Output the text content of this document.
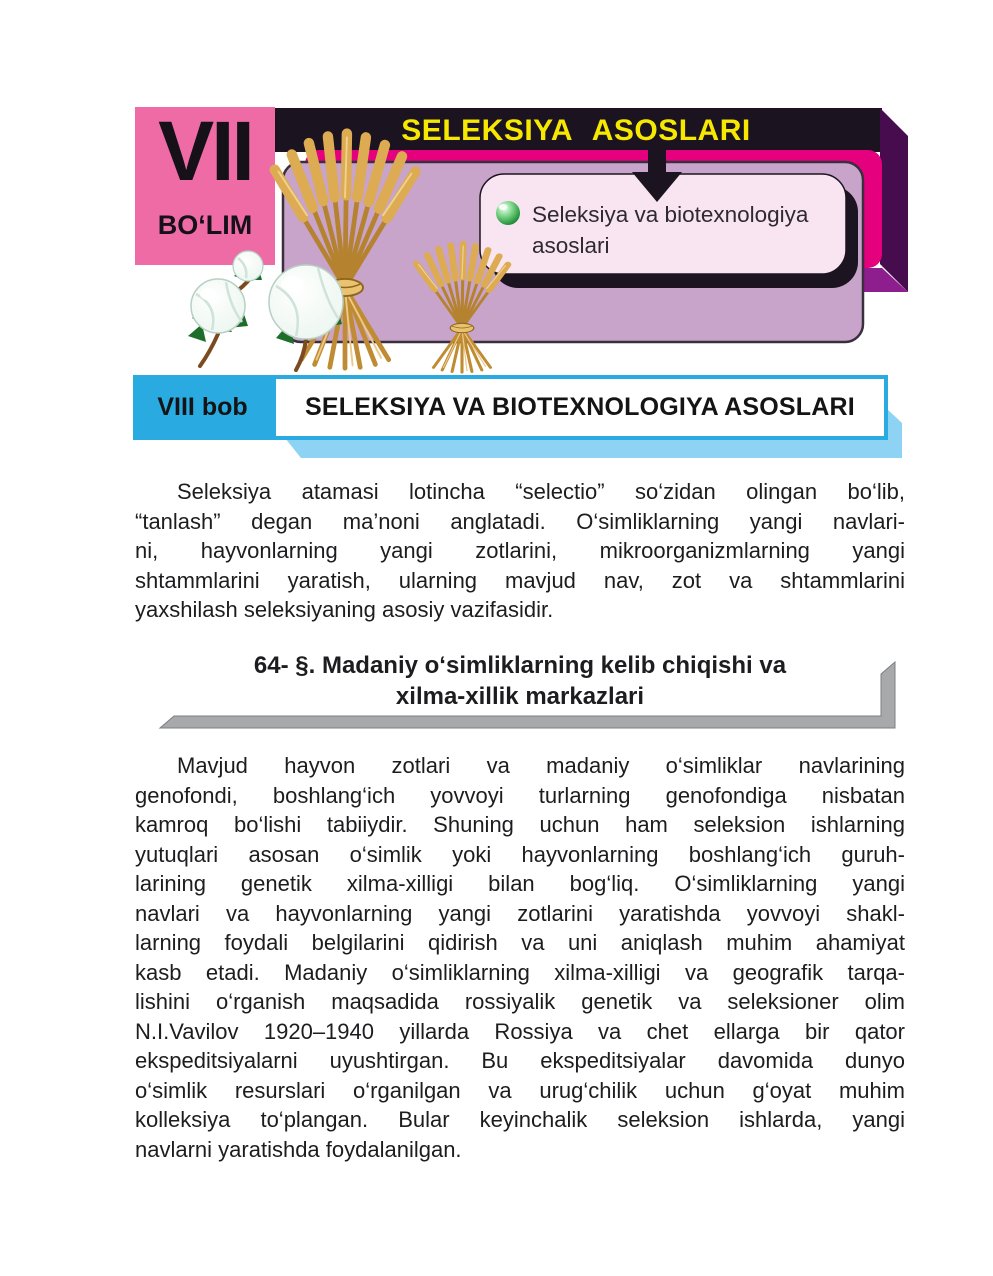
VII
BO‘LIM
SELEKSIYA ASOSLARI
Seleksiya va biotexnologiya
asoslari
VIII bob	SELEKSIYA VA BIOTEXNOLOGIYA ASOSLARI
Seleksiya atamasi lotincha “selectio” so‘zidan olingan bo‘lib,
“tanlash” degan ma’noni anglatadi. O‘simliklarning yangi navlari-
ni, hayvonlarning yangi zotlarini, mikroorganizmlarning yangi
shtammlarini yaratish, ularning mavjud nav, zot va shtammlarini
yaxshilash seleksiyaning asosiy vazifasidir.
64- §. Madaniy o‘simliklarning kelib chiqishi va
xilma-xillik markazlari
Mavjud hayvon zotlari va madaniy o‘simliklar navlarining
genofondi, boshlang‘ich yovvoyi turlarning genofondiga nisbatan
kamroq bo‘lishi tabiiydir. Shuning uchun ham seleksion ishlarning
yutuqlari asosan o‘simlik yoki hayvonlarning boshlang‘ich guruh-
larining genetik xilma-xilligi bilan bog‘liq. O‘simliklarning yangi
navlari va hayvonlarning yangi zotlarini yaratishda yovvoyi shakl-
larning foydali belgilarini qidirish va uni aniqlash muhim ahamiyat
kasb etadi. Madaniy o‘simliklarning xilma-xilligi va geografik tarqa-
lishini o‘rganish maqsadida rossiyalik genetik va seleksioner olim
N.I.Vavilov 1920–1940 yillarda Rossiya va chet ellarga bir qator
ekspeditsiyalarni uyushtirgan. Bu ekspeditsiyalar davomida dunyo
o‘simlik resurslari o‘rganilgan va urug‘chilik uchun g‘oyat muhim
kolleksiya to‘plangan. Bular keyinchalik seleksion ishlarda, yangi
navlarni yaratishda foydalanilgan.
